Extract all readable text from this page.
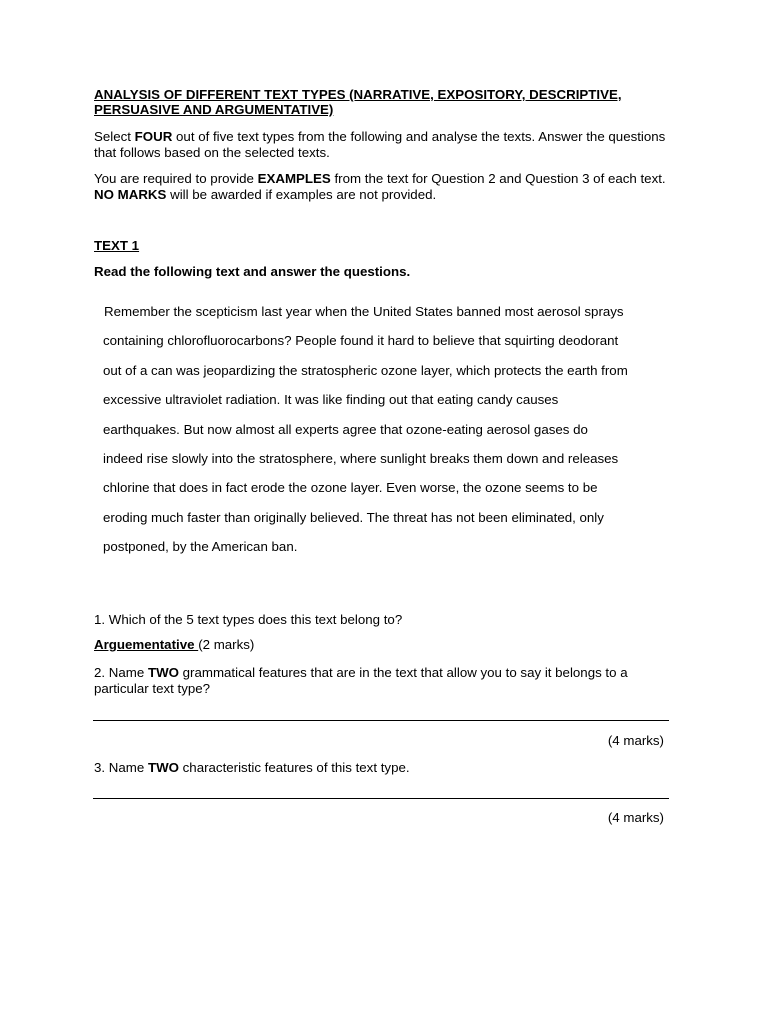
ANALYSIS OF DIFFERENT TEXT TYPES (NARRATIVE, EXPOSITORY, DESCRIPTIVE,
PERSUASIVE AND ARGUMENTATIVE)

Select FOUR out of five text types from the following and analyse the texts. Answer the questions that follows based on the selected texts.

You are required to provide EXAMPLES from the text for Question 2 and Question 3 of each text. NO MARKS will be awarded if examples are not provided.

TEXT 1
Read the following text and answer the questions.
Remember the scepticism last year when the United States banned most aerosol sprays
containing chlorofluorocarbons? People found it hard to believe that squirting deodorant
out of a can was jeopardizing the stratospheric ozone layer, which protects the earth from
excessive ultraviolet radiation. It was like finding out that eating candy causes
earthquakes. But now almost all experts agree that ozone-eating aerosol gases do
indeed rise slowly into the stratosphere, where sunlight breaks them down and releases
chlorine that does in fact erode the ozone layer. Even worse, the ozone seems to be
eroding much faster than originally believed. The threat has not been eliminated, only
postponed, by the American ban.
1. Which of the 5 text types does this text belong to?
Arguementative (2 marks)

2. Name TWO grammatical features that are in the text that allow you to say it belongs to a particular text type?

(4 marks)
3. Name TWO characteristic features of this text type.
(4 marks)
